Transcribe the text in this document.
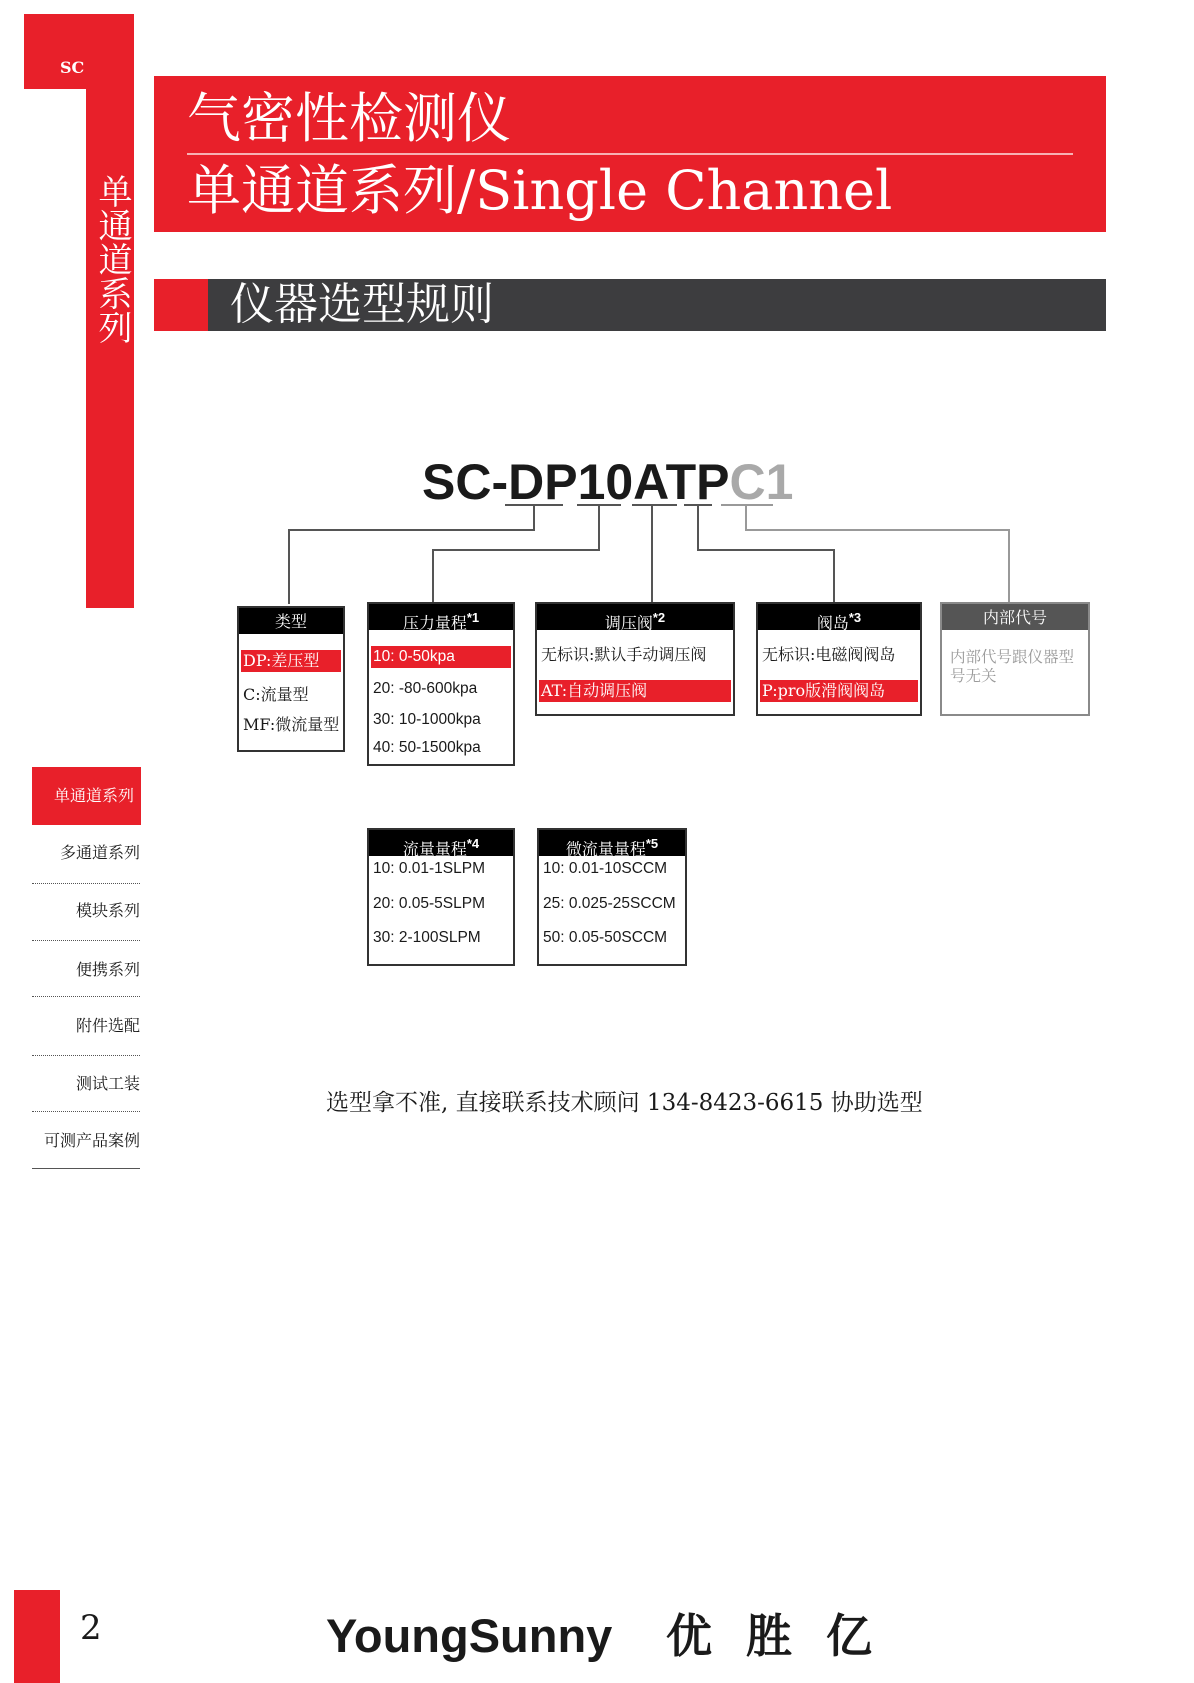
SC
单通道系列
气密性检测仪
单通道系列/Single Channel
仪器选型规则
SC-DP10ATPC1
类型
DP:差压型
C:流量型
MF:微流量型
压力量程$^{*1}$
10: 0-50kpa
20: -80-600kpa
30: 10-1000kpa
40: 50-1500kpa
调压阀$^{*2}$
无标识:默认手动调压阀
AT:自动调压阀
阀岛$^{*3}$
无标识:电磁阀阀岛
P:pro版滑阀阀岛
内部代号
内部代号跟仪器型号无关
流量量程$^{*4}$
10: 0.01-1SLPM
20: 0.05-5SLPM
30: 2-100SLPM
微流量量程$^{*5}$
10: 0.01-10SCCM
25: 0.025-25SCCM
50: 0.05-50SCCM
单通道系列
多通道系列
模块系列
便携系列
附件选配
测试工装
可测产品案例
选型拿不准, 直接联系技术顾问 134-8423-6615 协助选型
2	YoungSunny 优胜亿
